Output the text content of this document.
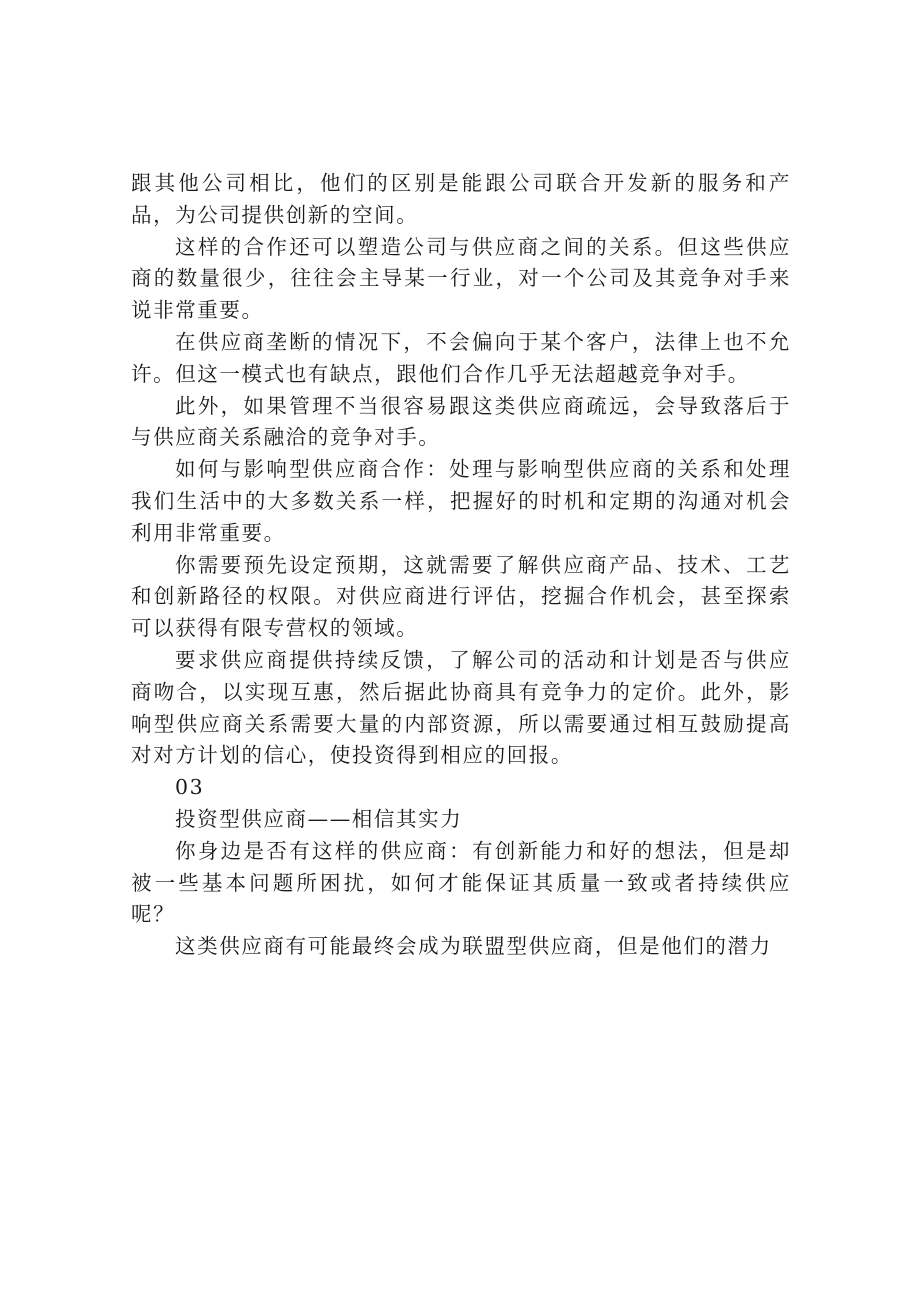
跟其他公司相比，他们的区别是能跟公司联合开发新的服务和产品，为公司提供创新的空间。

这样的合作还可以塑造公司与供应商之间的关系。但这些供应商的数量很少，往往会主导某一行业，对一个公司及其竞争对手来说非常重要。

在供应商垄断的情况下，不会偏向于某个客户，法律上也不允许。但这一模式也有缺点，跟他们合作几乎无法超越竞争对手。

此外，如果管理不当很容易跟这类供应商疏远，会导致落后于与供应商关系融洽的竞争对手。

如何与影响型供应商合作：处理与影响型供应商的关系和处理我们生活中的大多数关系一样，把握好的时机和定期的沟通对机会利用非常重要。

你需要预先设定预期，这就需要了解供应商产品、技术、工艺和创新路径的权限。对供应商进行评估，挖掘合作机会，甚至探索可以获得有限专营权的领域。

要求供应商提供持续反馈，了解公司的活动和计划是否与供应商吻合，以实现互惠，然后据此协商具有竞争力的定价。此外，影响型供应商关系需要大量的内部资源，所以需要通过相互鼓励提高对对方计划的信心，使投资得到相应的回报。

03

投资型供应商——相信其实力

你身边是否有这样的供应商：有创新能力和好的想法，但是却被一些基本问题所困扰，如何才能保证其质量一致或者持续供应呢？

这类供应商有可能最终会成为联盟型供应商，但是他们的潜力
